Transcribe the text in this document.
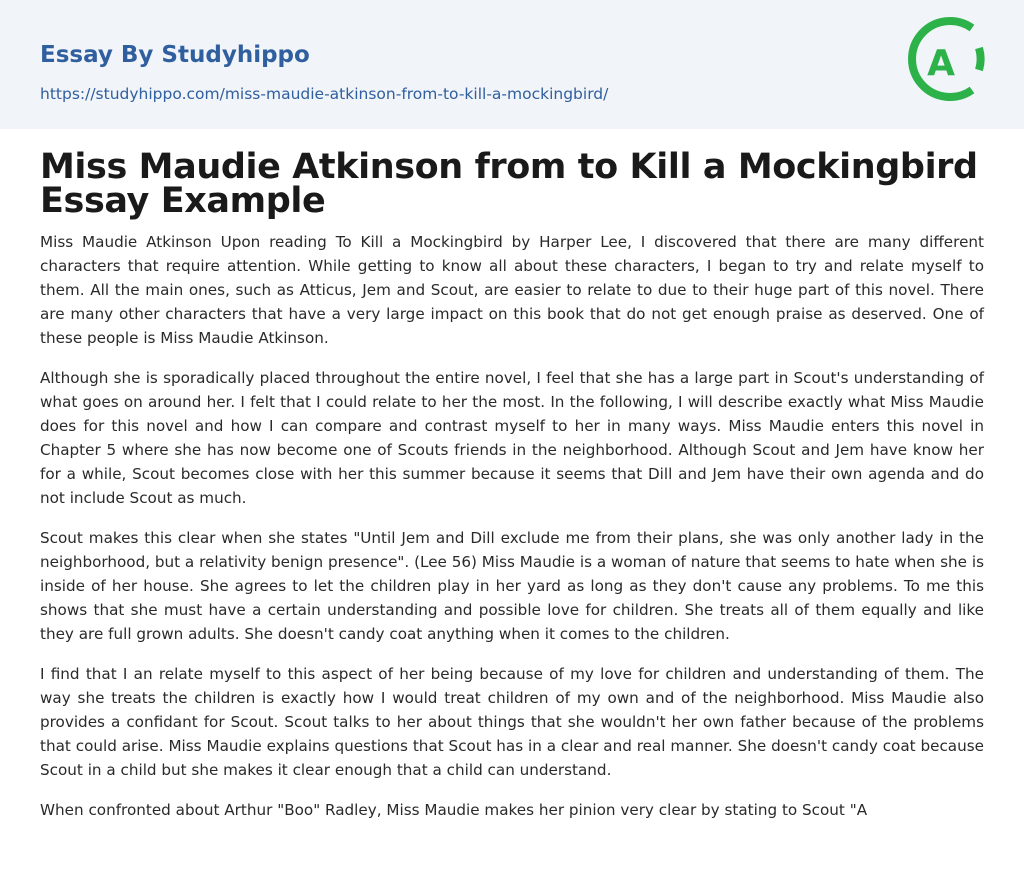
Essay By Studyhippo
https://studyhippo.com/miss-maudie-atkinson-from-to-kill-a-mockingbird/
A
Miss Maudie Atkinson from to Kill a Mockingbird Essay Example

Miss Maudie Atkinson Upon reading To Kill a Mockingbird by Harper Lee, I discovered that there are many different characters that require attention. While getting to know all about these characters, I began to try and relate myself to them. All the main ones, such as Atticus, Jem and Scout, are easier to relate to due to their huge part of this novel. There are many other characters that have a very large impact on this book that do not get enough praise as deserved. One of these people is Miss Maudie Atkinson.

Although she is sporadically placed throughout the entire novel, I feel that she has a large part in Scout's understanding of what goes on around her. I felt that I could relate to her the most. In the following, I will describe exactly what Miss Maudie does for this novel and how I can compare and contrast myself to her in many ways. Miss Maudie enters this novel in Chapter 5 where she has now become one of Scouts friends in the neighborhood. Although Scout and Jem have know her for a while, Scout becomes close with her this summer because it seems that Dill and Jem have their own agenda and do not include Scout as much.

Scout makes this clear when she states "Until Jem and Dill exclude me from their plans, she was only another lady in the neighborhood, but a relativity benign presence". (Lee 56) Miss Maudie is a woman of nature that seems to hate when she is inside of her house. She agrees to let the children play in her yard as long as they don't cause any problems. To me this shows that she must have a certain understanding and possible love for children. She treats all of them equally and like they are full grown adults. She doesn't candy coat anything when it comes to the children.

I find that I an relate myself to this aspect of her being because of my love for children and understanding of them. The way she treats the children is exactly how I would treat children of my own and of the neighborhood. Miss Maudie also provides a confidant for Scout. Scout talks to her about things that she wouldn't her own father because of the problems that could arise. Miss Maudie explains questions that Scout has in a clear and real manner. She doesn't candy coat because Scout in a child but she makes it clear enough that a child can understand.

When confronted about Arthur "Boo" Radley, Miss Maudie makes her pinion very clear by stating to Scout "A
